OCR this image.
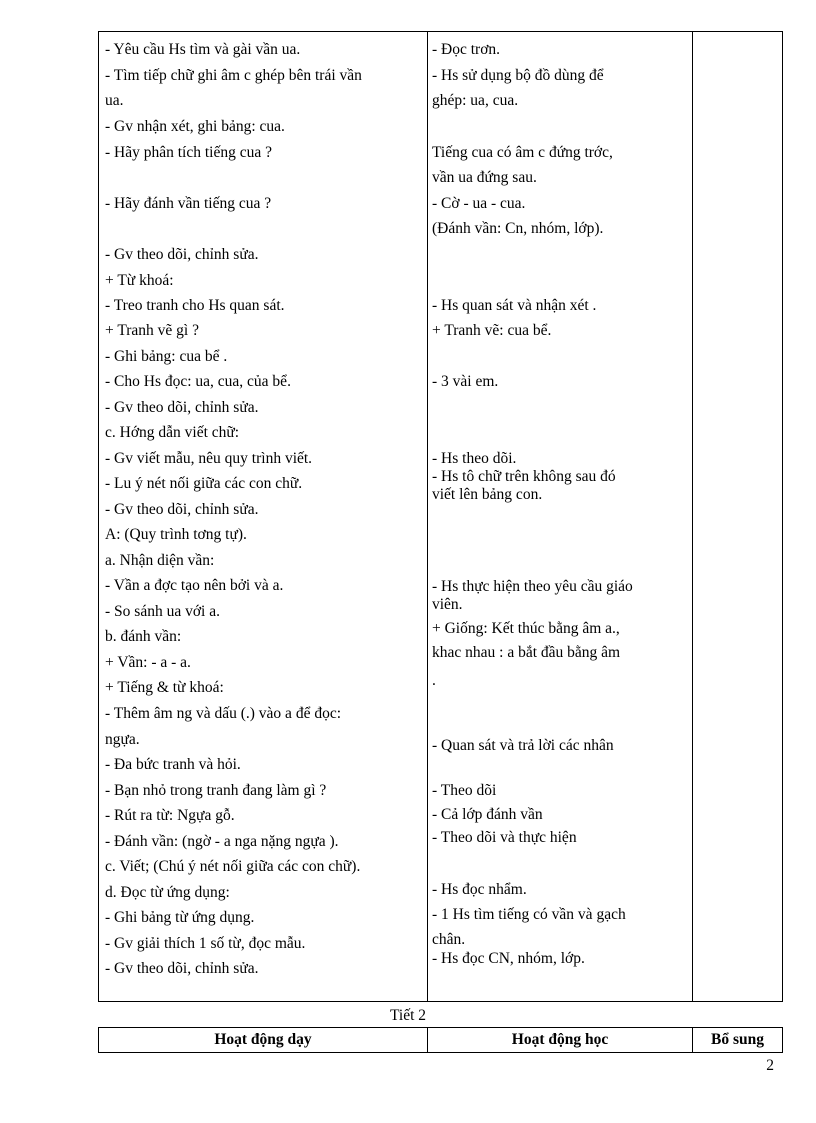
- Yêu cầu Hs tìm và gài vần ua.
- Tìm tiếp chữ ghi âm c ghép bên trái vần
ua.
- Gv nhận xét, ghi bảng: cua.
- Hãy phân tích tiếng cua ?
- Hãy đánh vần tiếng cua ?
- Gv theo dõi, chỉnh sửa.
+ Từ khoá:
- Treo tranh cho Hs quan sát.
+ Tranh vẽ gì ?
- Ghi bảng: cua bể .
- Cho Hs đọc: ua, cua, của bể.
- Gv theo dõi, chỉnh sửa.
c. Hớng dẫn viết chữ:
- Gv viết mẫu, nêu quy trình viết.
- Lu ý nét nối giữa các con chữ.
- Gv theo dõi, chỉnh sửa.
A: (Quy trình tơng tự).
a. Nhận diện vần:
- Vần a đợc tạo nên bởi và a.
- So sánh ua với a.
b. đánh vần:
+ Vần: - a - a.
+ Tiếng & từ khoá:
- Thêm âm ng và dấu (.) vào a để đọc:
ngựa.
- Đa bức tranh và hỏi.
- Bạn nhỏ trong tranh đang làm gì ?
- Rút ra từ: Ngựa gỗ.
- Đánh vần: (ngờ - a nga nặng ngựa ).
c. Viết; (Chú ý nét nối giữa các con chữ).
d. Đọc từ ứng dụng:
- Ghi bảng từ ứng dụng.
- Gv giải thích 1 số từ, đọc mẫu.
- Gv theo dõi, chỉnh sửa.
- Đọc trơn.
- Hs sử dụng bộ đồ dùng để
ghép: ua, cua.
Tiếng cua có âm c đứng trớc,
vần ua đứng sau.
- Cờ - ua - cua.
(Đánh vần: Cn, nhóm, lớp).
- Hs quan sát và nhận xét .
+ Tranh vẽ: cua bể.
- 3 vài em.
- Hs theo dõi.
- Hs tô chữ trên không sau đó
viết lên bảng con.
- Hs thực hiện theo yêu cầu giáo
viên.
+ Giống: Kết thúc bằng âm a.,
khac nhau : a bắt đầu bằng âm
.
- Quan sát và trả lời các nhân
- Theo dõi
- Cả lớp đánh vần
- Theo dõi và thực hiện
- Hs đọc nhẩm.
- 1 Hs tìm tiếng có vần và gạch
chân.
- Hs đọc CN, nhóm, lớp.
Tiết 2
Hoạt động dạy	Hoạt động học	Bổ sung
2
